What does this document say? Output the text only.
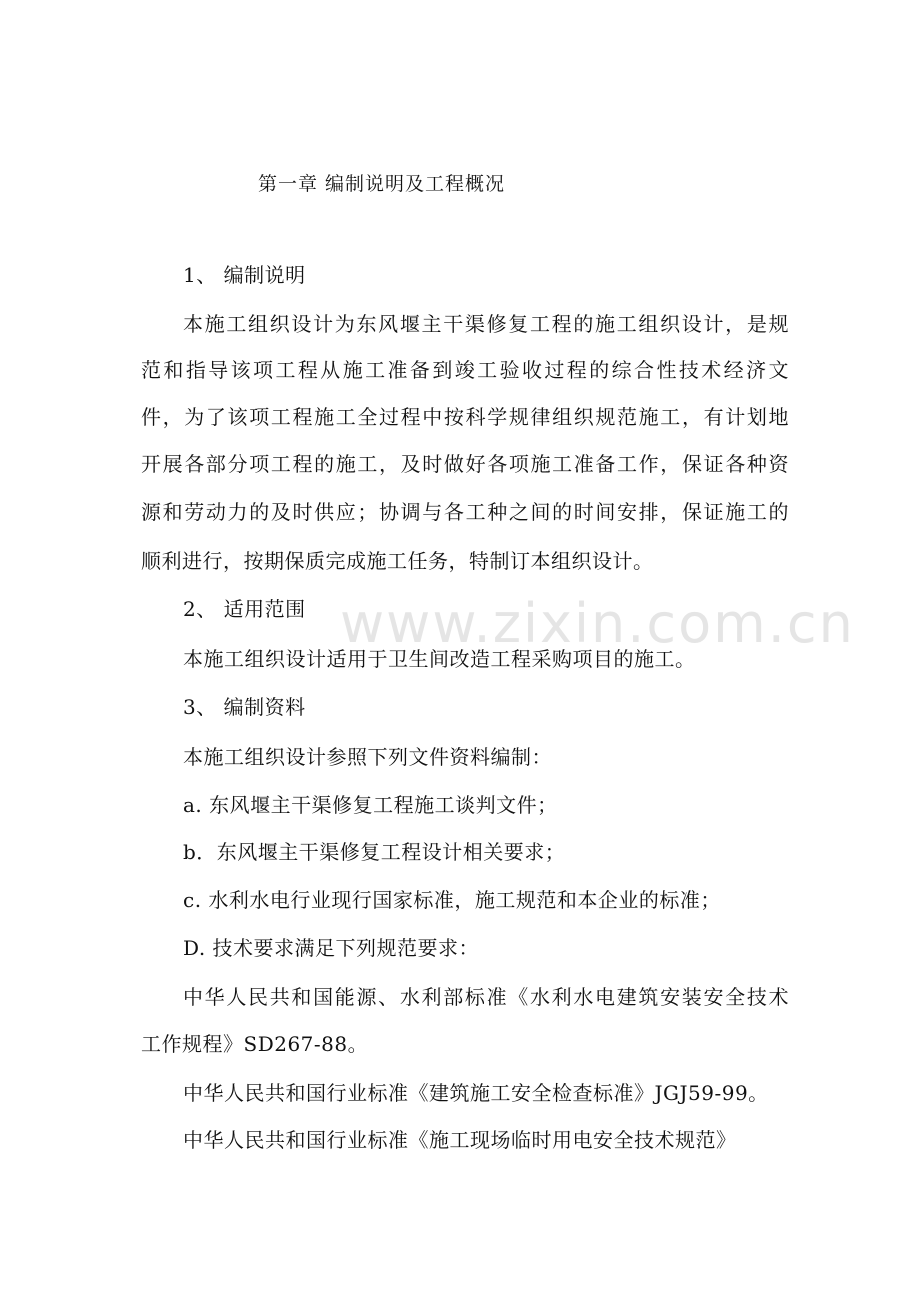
www.zixin.com.cn
第一章 编制说明及工程概况
1、 编制说明
本施工组织设计为东风堰主干渠修复工程的施工组织设计，是规
范和指导该项工程从施工准备到竣工验收过程的综合性技术经济文
件，为了该项工程施工全过程中按科学规律组织规范施工，有计划地
开展各部分项工程的施工，及时做好各项施工准备工作，保证各种资
源和劳动力的及时供应；协调与各工种之间的时间安排，保证施工的
顺利进行，按期保质完成施工任务，特制订本组织设计。
2、 适用范围
本施工组织设计适用于卫生间改造工程采购项目的施工。
3、 编制资料
本施工组织设计参照下列文件资料编制：
a. 东风堰主干渠修复工程施工谈判文件；
b．东风堰主干渠修复工程设计相关要求；
c. 水利水电行业现行国家标准，施工规范和本企业的标准；
D. 技术要求满足下列规范要求：
中华人民共和国能源、水利部标准《水利水电建筑安装安全技术
工作规程》SD267-88。
中华人民共和国行业标准《建筑施工安全检查标准》JGJ59-99。
中华人民共和国行业标准《施工现场临时用电安全技术规范》
